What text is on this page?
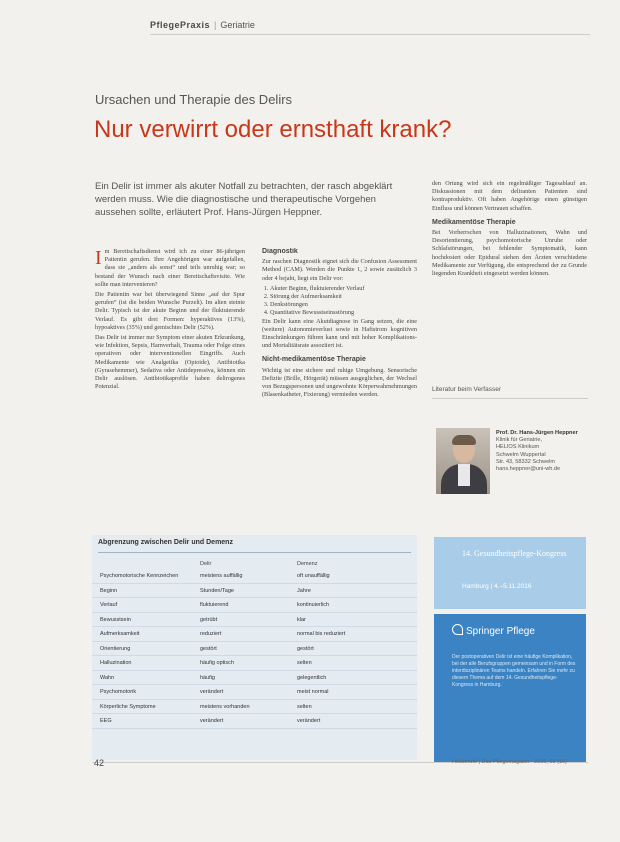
PflegePraxis | Geriatrie
Ursachen und Therapie des Delirs
Nur verwirrt oder ernsthaft krank?
Ein Delir ist immer als akuter Notfall zu betrachten, der rasch abgeklärt werden muss. Wie die diagnostische und therapeutische Vorgehen aussehen sollte, erläutert Prof. Hans-Jürgen Heppner.

Im Bereitschaftsdienst wird ich zu einer 86-jährigen Patientin gerufen. Ihre Angehörigen war aufgefallen, dass sie „anders als sonst“ und teils unruhig war; so bestand der Wunsch nach einer Bereitschaftsvisite. Wie sollte man intervenieren?

Die Patientin war bei überwiegend Sinne „auf der Spur gerufen“ (ist die beiden Wunsche Purzelt). Im alten steinte Delir. Typisch ist der akute Beginn und der fluktuierende Verlauf. Es gibt drei Formen: hyperaktives (13%), hypoaktives (35%) und gemischtes Delir (52%).

Das Delir ist immer nur Symptom einer akuten Erkrankung, wie Infektion, Sepsis, Harnverhalt, Trauma oder Folge eines operativen oder interventionellen Eingriffs. Auch Medikamente wie Analgetika (Opioide), Antibiotika (Gyrasehemmer), Sedativa oder Antidepressiva, können ein Delir auslösen. Antibiotikaprofile haben delirogenes Potenzial.

Diagnostik

Zur raschen Diagnostik eignet sich die Confusion Assessment Method (CAM). Werden die Punkte 1, 2 sowie zusätzlich 3 oder 4 bejaht, liegt ein Delir vor:

1. Akuter Beginn, fluktuierender Verlauf
2. Störung der Aufmerksamkeit
3. Denkstörungen
4. Quantitative Bewusstseinsstörung

Ein Delir kann eine Akutdiagnose in Gang setzen, die eine (weitere) Autonomieverlust sowie in Haftstrom kognitiven Einschränkungen führen kann und mit hoher Komplikations- und Mortalitätsrate assoziiert ist.

Nicht-medikamentöse Therapie

Wichtig ist eine sichere und ruhige Umgebung. Sensorische Defizite (Brille, Hörgerät) müssen ausgeglichen, der Wechsel von Bezugspersonen und ungewohnte Körperwahrnehmungen (Blasenkatheter, Fixierung) vermieden werden.

den Ortung wird sich ein regelmäßiger Tagesablauf an. Diskussionen mit dem deliranten Patienten sind kontraproduktiv. Oft haben Angehörige einen günstigen Einfluss und können Vertrauen schaffen.

Medikamentöse Therapie

Bei Vorherrschen von Halluzinationen, Wahn und Desorientierung, psychomotorische Unruhe oder Schlafstörungen, bei fehlender Symptomatik, kann hochdosiert oder Epidural stehen den Ärzten verschiedene Medikamente zur Verfügung, die entsprechend der zu Grunde liegenden Krankheit eingesetzt werden können.

Literatur beim Verfasser
Prof. Dr. Hans-Jürgen Heppner
Klinik für Geriatrie,
HELIOS Klinikum
Schwelm Wuppertal
Str. 43, 58332 Schwelm
hans.heppner@uni-wh.de
Abgrenzung zwischen Delir und Demenz
Delir	Demenz
Psychomotorische Kennzeichen	meistens auffällig	oft unauffällig
Beginn	Stunden/Tage	Jahre
Verlauf	fluktuierend	kontinuierlich
Bewusstsein	getrübt	klar
Aufmerksamkeit	reduziert	normal bis reduziert
Orientierung	gestört	gestört
Halluzination	häufig optisch	selten
Wahn	häufig	gelegentlich
Psychomotorik	verändert	meist normal
Körperliche Symptome	meistens vorhanden	selten
EEG	verändert	verändert
14. Gesundheitspflege-Kongress
Hamburg | 4.–5.11.2016
Springer Pflege
Der postoperativen Delir ist eine häufige Komplikation, bei der alle Berufsgruppen gemeinsam und in Form des interdisziplinären Teams handeln. Erfahren Sie mehr zu diesem Thema auf dem 14. Gesundheitspflege-Kongress in Hamburg.
42	Heilberufe | Das Pflegemagazin · 2016; 68 (10)
